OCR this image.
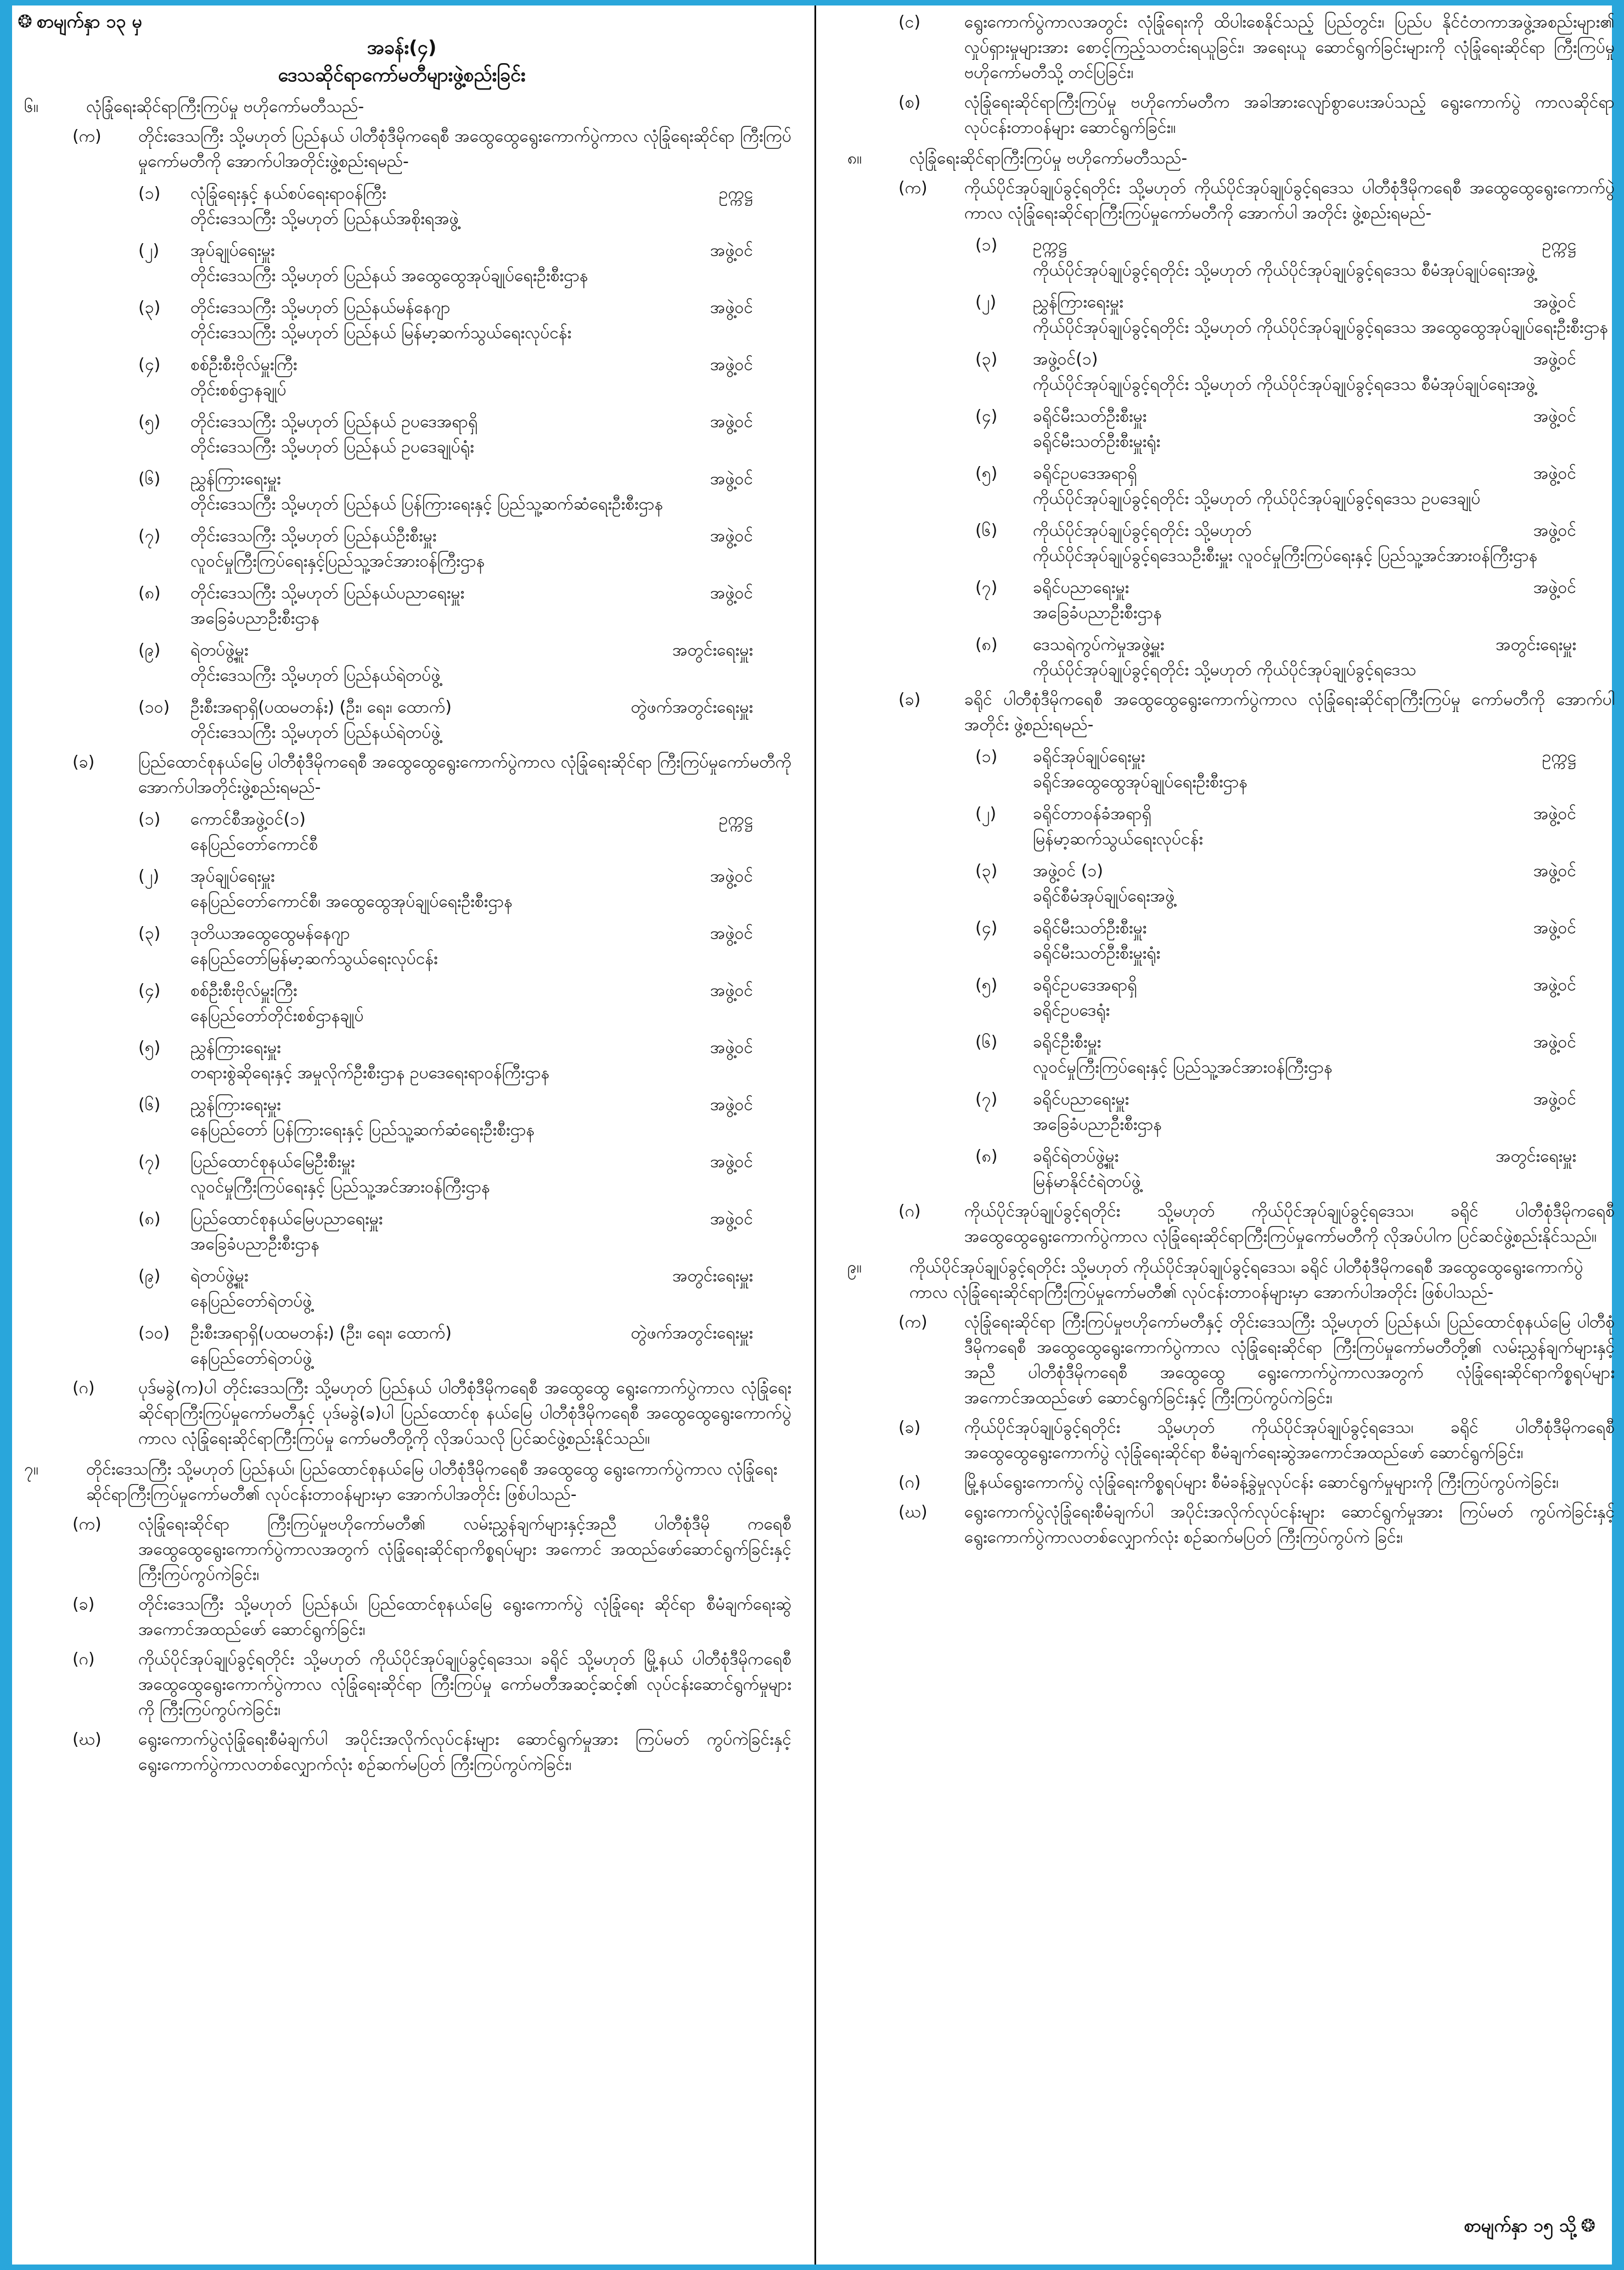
❂ စာမျက်နှာ ၁၃ မှ
အခန်း(၄)
ဒေသဆိုင်ရာကော်မတီများဖွဲ့စည်းခြင်း
၆။	လုံခြုံရေးဆိုင်ရာကြီးကြပ်မှု ဗဟိုကော်မတီသည်-
(က) တိုင်းဒေသကြီး သို့မဟုတ် ပြည်နယ် ပါတီစုံဒီမိုကရေစီ အထွေထွေရွေးကောက်ပွဲကာလ လုံခြုံရေးဆိုင်ရာ ကြီးကြပ်မှုကော်မတီကို အောက်ပါအတိုင်းဖွဲ့စည်းရမည်-
(၁) လုံခြုံရေးနှင့် နယ်စပ်ရေးရာဝန်ကြီး	ဥက္ကဋ္ဌ
တိုင်းဒေသကြီး သို့မဟုတ် ပြည်နယ်အစိုးရအဖွဲ့
(၂) အုပ်ချုပ်ရေးမှူး	အဖွဲ့ဝင်
တိုင်းဒေသကြီး သို့မဟုတ် ပြည်နယ် အထွေထွေအုပ်ချုပ်ရေးဦးစီးဌာန
(၃) တိုင်းဒေသကြီး သို့မဟုတ် ပြည်နယ်မန်နေဂျာ	အဖွဲ့ဝင်
တိုင်းဒေသကြီး သို့မဟုတ် ပြည်နယ် မြန်မာ့ဆက်သွယ်ရေးလုပ်ငန်း
(၄) စစ်ဦးစီးဗိုလ်မှူးကြီး	အဖွဲ့ဝင်
တိုင်းစစ်ဌာနချုပ်
(၅) တိုင်းဒေသကြီး သို့မဟုတ် ပြည်နယ် ဥပဒေအရာရှိ	အဖွဲ့ဝင်
တိုင်းဒေသကြီး သို့မဟုတ် ပြည်နယ် ဥပဒေချုပ်ရုံး
(၆) ညွှန်ကြားရေးမှူး	အဖွဲ့ဝင်
တိုင်းဒေသကြီး သို့မဟုတ် ပြည်နယ် ပြန်ကြားရေးနှင့် ပြည်သူ့ဆက်ဆံရေးဦးစီးဌာန
(၇) တိုင်းဒေသကြီး သို့မဟုတ် ပြည်နယ်ဦးစီးမှူး	အဖွဲ့ဝင်
လူဝင်မှုကြီးကြပ်ရေးနှင့်ပြည်သူ့အင်အားဝန်ကြီးဌာန
(၈) တိုင်းဒေသကြီး သို့မဟုတ် ပြည်နယ်ပညာရေးမှူး	အဖွဲ့ဝင်
အခြေခံပညာဦးစီးဌာန
(၉) ရဲတပ်ဖွဲ့မှူး	အတွင်းရေးမှူး
တိုင်းဒေသကြီး သို့မဟုတ် ပြည်နယ်ရဲတပ်ဖွဲ့
(၁၀) ဦးစီးအရာရှိ(ပထမတန်း) (ဦး၊ ရေး၊ ထောက်)	တွဲဖက်အတွင်းရေးမှူး
တိုင်းဒေသကြီး သို့မဟုတ် ပြည်နယ်ရဲတပ်ဖွဲ့
(ခ)	ပြည်ထောင်စုနယ်မြေ ပါတီစုံဒီမိုကရေစီ အထွေထွေရွေးကောက်ပွဲကာလ လုံခြုံရေးဆိုင်ရာ ကြီးကြပ်မှုကော်မတီကို အောက်ပါအတိုင်းဖွဲ့စည်းရမည်-
(၁) ကောင်စီအဖွဲ့ဝင်(၁)	ဥက္ကဋ္ဌ
နေပြည်တော်ကောင်စီ
(၂) အုပ်ချုပ်ရေးမှူး	အဖွဲ့ဝင်
နေပြည်တော်ကောင်စီ၊ အထွေထွေအုပ်ချုပ်ရေးဦးစီးဌာန
(၃) ဒုတိယအထွေထွေမန်နေဂျာ	အဖွဲ့ဝင်
နေပြည်တော်မြန်မာ့ဆက်သွယ်ရေးလုပ်ငန်း
(၄) စစ်ဦးစီးဗိုလ်မှူးကြီး	အဖွဲ့ဝင်
နေပြည်တော်တိုင်းစစ်ဌာနချုပ်
(၅) ညွှန်ကြားရေးမှူး	အဖွဲ့ဝင်
တရားစွဲဆိုရေးနှင့် အမှုလိုက်ဦးစီးဌာန ဥပဒေရေးရာဝန်ကြီးဌာန
(၆) ညွှန်ကြားရေးမှူး	အဖွဲ့ဝင်
နေပြည်တော် ပြန်ကြားရေးနှင့် ပြည်သူ့ဆက်ဆံရေးဦးစီးဌာန
(၇) ပြည်ထောင်စုနယ်မြေဦးစီးမှူး	အဖွဲ့ဝင်
လူဝင်မှုကြီးကြပ်ရေးနှင့် ပြည်သူ့အင်အားဝန်ကြီးဌာန
(၈) ပြည်ထောင်စုနယ်မြေပညာရေးမှူး	အဖွဲ့ဝင်
အခြေခံပညာဦးစီးဌာန
(၉) ရဲတပ်ဖွဲ့မှူး	အတွင်းရေးမှူး
နေပြည်တော်ရဲတပ်ဖွဲ့
(၁၀) ဦးစီးအရာရှိ(ပထမတန်း) (ဦး၊ ရေး၊ ထောက်)	တွဲဖက်အတွင်းရေးမှူး
နေပြည်တော်ရဲတပ်ဖွဲ့
(ဂ)	ပုဒ်မခွဲ(က)ပါ တိုင်းဒေသကြီး သို့မဟုတ် ပြည်နယ် ပါတီစုံဒီမိုကရေစီ အထွေထွေ ရွေးကောက်ပွဲကာလ လုံခြုံရေးဆိုင်ရာကြီးကြပ်မှုကော်မတီနှင့် ပုဒ်မခွဲ(ခ)ပါ ပြည်ထောင်စု နယ်မြေ ပါတီစုံဒီမိုကရေစီ အထွေထွေရွေးကောက်ပွဲကာလ လုံခြုံရေးဆိုင်ရာကြီးကြပ်မှု ကော်မတီတို့ကို လိုအပ်သလို ပြင်ဆင်ဖွဲ့စည်းနိုင်သည်။
၇။	တိုင်းဒေသကြီး သို့မဟုတ် ပြည်နယ်၊ ပြည်ထောင်စုနယ်မြေ ပါတီစုံဒီမိုကရေစီ အထွေထွေ ရွေးကောက်ပွဲကာလ လုံခြုံရေးဆိုင်ရာကြီးကြပ်မှုကော်မတီ၏ လုပ်ငန်းတာဝန်များမှာ အောက်ပါအတိုင်း ဖြစ်ပါသည်-
(က) လုံခြုံရေးဆိုင်ရာ ကြီးကြပ်မှုဗဟိုကော်မတီ၏ လမ်းညွှန်ချက်များနှင့်အညီ ပါတီစုံဒီမို ကရေစီ အထွေထွေရွေးကောက်ပွဲကာလအတွက် လုံခြုံရေးဆိုင်ရာကိစ္စရပ်များ အကောင် အထည်ဖော်ဆောင်ရွက်ခြင်းနှင့် ကြီးကြပ်ကွပ်ကဲခြင်း၊
(ခ)	တိုင်းဒေသကြီး သို့မဟုတ် ပြည်နယ်၊ ပြည်ထောင်စုနယ်မြေ ရွေးကောက်ပွဲ လုံခြုံရေး ဆိုင်ရာ စီမံချက်ရေးဆွဲအကောင်အထည်ဖော် ဆောင်ရွက်ခြင်း၊
(ဂ)	ကိုယ်ပိုင်အုပ်ချုပ်ခွင့်ရတိုင်း သို့မဟုတ် ကိုယ်ပိုင်အုပ်ချုပ်ခွင့်ရဒေသ၊ ခရိုင် သို့မဟုတ် မြို့နယ် ပါတီစုံဒီမိုကရေစီ အထွေထွေရွေးကောက်ပွဲကာလ လုံခြုံရေးဆိုင်ရာ ကြီးကြပ်မှု ကော်မတီအဆင့်ဆင့်၏ လုပ်ငန်းဆောင်ရွက်မှုများကို ကြီးကြပ်ကွပ်ကဲခြင်း၊
(ဃ) ရွေးကောက်ပွဲလုံခြုံရေးစီမံချက်ပါ အပိုင်းအလိုက်လုပ်ငန်းများ ဆောင်ရွက်မှုအား ကြပ်မတ် ကွပ်ကဲခြင်းနှင့် ရွေးကောက်ပွဲကာလတစ်လျှောက်လုံး စဉ်ဆက်မပြတ် ကြီးကြပ်ကွပ်ကဲခြင်း၊
(င)	ရွေးကောက်ပွဲကာလအတွင်း လုံခြုံရေးကို ထိပါးစေနိုင်သည့် ပြည်တွင်း၊ ပြည်ပ နိုင်ငံတကာအဖွဲ့အစည်းများ၏ လှုပ်ရှားမှုများအား စောင့်ကြည့်သတင်းရယူခြင်း၊ အရေးယူ ဆောင်ရွက်ခြင်းများကို လုံခြုံရေးဆိုင်ရာ ကြီးကြပ်မှုဗဟိုကော်မတီသို့ တင်ပြခြင်း၊
(စ)	လုံခြုံရေးဆိုင်ရာကြီးကြပ်မှု ဗဟိုကော်မတီက အခါအားလျော်စွာပေးအပ်သည့် ရွေးကောက်ပွဲ ကာလဆိုင်ရာ လုပ်ငန်းတာဝန်များ ဆောင်ရွက်ခြင်း။
၈။	လုံခြုံရေးဆိုင်ရာကြီးကြပ်မှု ဗဟိုကော်မတီသည်-
(က) ကိုယ်ပိုင်အုပ်ချုပ်ခွင့်ရတိုင်း သို့မဟုတ် ကိုယ်ပိုင်အုပ်ချုပ်ခွင့်ရဒေသ ပါတီစုံဒီမိုကရေစီ အထွေထွေရွေးကောက်ပွဲကာလ လုံခြုံရေးဆိုင်ရာကြီးကြပ်မှုကော်မတီကို အောက်ပါ အတိုင်း ဖွဲ့စည်းရမည်-
(၁) ဥက္ကဋ္ဌ	ဥက္ကဋ္ဌ
ကိုယ်ပိုင်အုပ်ချုပ်ခွင့်ရတိုင်း သို့မဟုတ် ကိုယ်ပိုင်အုပ်ချုပ်ခွင့်ရဒေသ စီမံအုပ်ချုပ်ရေးအဖွဲ့
(၂) ညွှန်ကြားရေးမှူး	အဖွဲ့ဝင်
ကိုယ်ပိုင်အုပ်ချုပ်ခွင့်ရတိုင်း သို့မဟုတ် ကိုယ်ပိုင်အုပ်ချုပ်ခွင့်ရဒေသ အထွေထွေအုပ်ချုပ်ရေးဦးစီးဌာန
(၃) အဖွဲ့ဝင်(၁)	အဖွဲ့ဝင်
ကိုယ်ပိုင်အုပ်ချုပ်ခွင့်ရတိုင်း သို့မဟုတ် ကိုယ်ပိုင်အုပ်ချုပ်ခွင့်ရဒေသ စီမံအုပ်ချုပ်ရေးအဖွဲ့
(၄) ခရိုင်မီးသတ်ဦးစီးမှူး	အဖွဲ့ဝင်
ခရိုင်မီးသတ်ဦးစီးမှူးရုံး
(၅) ခရိုင်ဥပဒေအရာရှိ	အဖွဲ့ဝင်
ကိုယ်ပိုင်အုပ်ချုပ်ခွင့်ရတိုင်း သို့မဟုတ် ကိုယ်ပိုင်အုပ်ချုပ်ခွင့်ရဒေသ ဥပဒေချုပ်
(၆) ကိုယ်ပိုင်အုပ်ချုပ်ခွင့်ရတိုင်း သို့မဟုတ်	အဖွဲ့ဝင်
ကိုယ်ပိုင်အုပ်ချုပ်ခွင့်ရဒေသဦးစီးမှူး လူဝင်မှုကြီးကြပ်ရေးနှင့် ပြည်သူ့အင်အားဝန်ကြီးဌာန
(၇) ခရိုင်ပညာရေးမှူး	အဖွဲ့ဝင်
အခြေခံပညာဦးစီးဌာန
(၈) ဒေသရဲကွပ်ကဲမှုအဖွဲ့မှူး	အတွင်းရေးမှူး
ကိုယ်ပိုင်အုပ်ချုပ်ခွင့်ရတိုင်း သို့မဟုတ် ကိုယ်ပိုင်အုပ်ချုပ်ခွင့်ရဒေသ
(ခ)	ခရိုင် ပါတီစုံဒီမိုကရေစီ အထွေထွေရွေးကောက်ပွဲကာလ လုံခြုံရေးဆိုင်ရာကြီးကြပ်မှု ကော်မတီကို အောက်ပါအတိုင်း ဖွဲ့စည်းရမည်-
(၁) ခရိုင်အုပ်ချုပ်ရေးမှူး	ဥက္ကဋ္ဌ
ခရိုင်အထွေထွေအုပ်ချုပ်ရေးဦးစီးဌာန
(၂) ခရိုင်တာဝန်ခံအရာရှိ	အဖွဲ့ဝင်
မြန်မာ့ဆက်သွယ်ရေးလုပ်ငန်း
(၃) အဖွဲ့ဝင် (၁)	အဖွဲ့ဝင်
ခရိုင်စီမံအုပ်ချုပ်ရေးအဖွဲ့
(၄) ခရိုင်မီးသတ်ဦးစီးမှူး	အဖွဲ့ဝင်
ခရိုင်မီးသတ်ဦးစီးမှူးရုံး
(၅) ခရိုင်ဥပဒေအရာရှိ	အဖွဲ့ဝင်
ခရိုင်ဥပဒေရုံး
(၆) ခရိုင်ဦးစီးမှူး	အဖွဲ့ဝင်
လူဝင်မှုကြီးကြပ်ရေးနှင့် ပြည်သူ့အင်အားဝန်ကြီးဌာန
(၇) ခရိုင်ပညာရေးမှူး	အဖွဲ့ဝင်
အခြေခံပညာဦးစီးဌာန
(၈) ခရိုင်ရဲတပ်ဖွဲ့မှူး	အတွင်းရေးမှူး
မြန်မာနိုင်ငံရဲတပ်ဖွဲ့
(ဂ)	ကိုယ်ပိုင်အုပ်ချုပ်ခွင့်ရတိုင်း သို့မဟုတ် ကိုယ်ပိုင်အုပ်ချုပ်ခွင့်ရဒေသ၊ ခရိုင် ပါတီစုံဒီမိုကရေစီ အထွေထွေရွေးကောက်ပွဲကာလ လုံခြုံရေးဆိုင်ရာကြီးကြပ်မှုကော်မတီကို လိုအပ်ပါက ပြင်ဆင်ဖွဲ့စည်းနိုင်သည်။
၉။	ကိုယ်ပိုင်အုပ်ချုပ်ခွင့်ရတိုင်း သို့မဟုတ် ကိုယ်ပိုင်အုပ်ချုပ်ခွင့်ရဒေသ၊ ခရိုင် ပါတီစုံဒီမိုကရေစီ အထွေထွေရွေးကောက်ပွဲကာလ လုံခြုံရေးဆိုင်ရာကြီးကြပ်မှုကော်မတီ၏ လုပ်ငန်းတာဝန်များမှာ အောက်ပါအတိုင်း ဖြစ်ပါသည်-
(က) လုံခြုံရေးဆိုင်ရာ ကြီးကြပ်မှုဗဟိုကော်မတီနှင့် တိုင်းဒေသကြီး သို့မဟုတ် ပြည်နယ်၊ ပြည်ထောင်စုနယ်မြေ ပါတီစုံဒီမိုကရေစီ အထွေထွေရွေးကောက်ပွဲကာလ လုံခြုံရေးဆိုင်ရာ ကြီးကြပ်မှုကော်မတီတို့၏ လမ်းညွှန်ချက်များနှင့်အညီ ပါတီစုံဒီမိုကရေစီ အထွေထွေ ရွေးကောက်ပွဲကာလအတွက် လုံခြုံရေးဆိုင်ရာကိစ္စရပ်များ အကောင်အထည်ဖော် ဆောင်ရွက်ခြင်းနှင့် ကြီးကြပ်ကွပ်ကဲခြင်း၊
(ခ)	ကိုယ်ပိုင်အုပ်ချုပ်ခွင့်ရတိုင်း သို့မဟုတ် ကိုယ်ပိုင်အုပ်ချုပ်ခွင့်ရဒေသ၊ ခရိုင် ပါတီစုံဒီမိုကရေစီ အထွေထွေရွေးကောက်ပွဲ လုံခြုံရေးဆိုင်ရာ စီမံချက်ရေးဆွဲအကောင်အထည်ဖော် ဆောင်ရွက်ခြင်း၊
(ဂ)	မြို့နယ်ရွေးကောက်ပွဲ လုံခြုံရေးကိစ္စရပ်များ စီမံခန့်ခွဲမှုလုပ်ငန်း ဆောင်ရွက်မှုများကို ကြီးကြပ်ကွပ်ကဲခြင်း၊
(ဃ) ရွေးကောက်ပွဲလုံခြုံရေးစီမံချက်ပါ အပိုင်းအလိုက်လုပ်ငန်းများ ဆောင်ရွက်မှုအား ကြပ်မတ် ကွပ်ကဲခြင်းနှင့် ရွေးကောက်ပွဲကာလတစ်လျှောက်လုံး စဉ်ဆက်မပြတ် ကြီးကြပ်ကွပ်ကဲ ခြင်း၊
စာမျက်နှာ ၁၅ သို့ ❂
